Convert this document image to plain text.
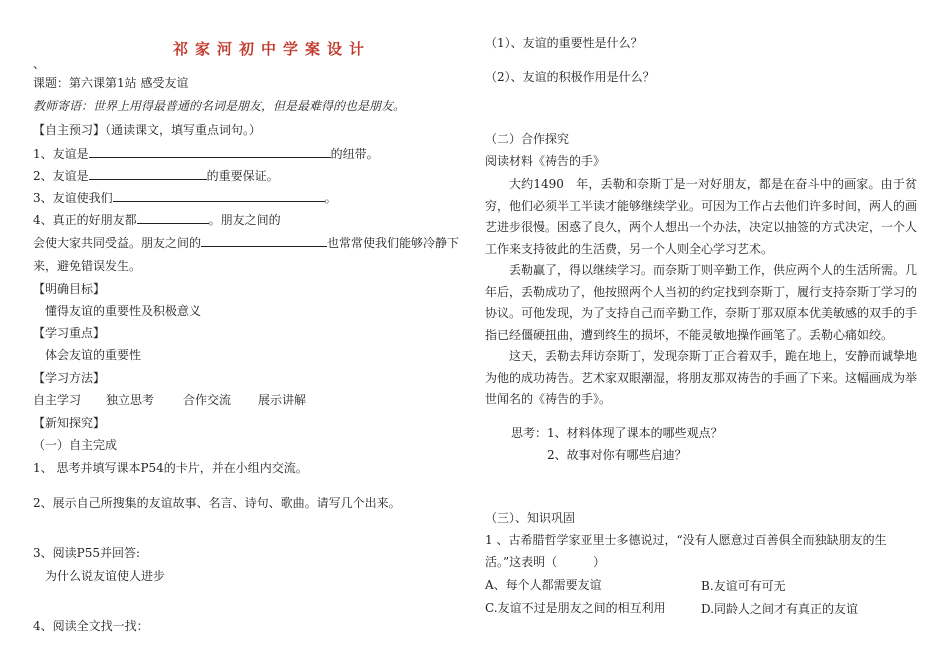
祁家河初中学案设计
、
课题：第六课第1站 感受友谊
教师寄语：世界上用得最普通的名词是朋友，但是最难得的也是朋友。
【自主预习】（通读课文，填写重点词句。）
1、友谊是	的纽带。
2、友谊是	的重要保证。
3、友谊使我们	。
4、真正的好朋友都	。朋友之间的
会使大家共同受益。朋友之间的	也常常使我们能够冷静下
来，避免错误发生。
【明确目标】
懂得友谊的重要性及积极意义
【学习重点】
体会友谊的重要性
【学习方法】
自主学习 独立思考 合作交流 展示讲解
【新知探究】
（一）自主完成
1、 思考并填写课本P54的卡片，并在小组内交流。
2、展示自己所搜集的友谊故事、名言、诗句、歌曲。请写几个出来。
3、阅读P55并回答:
为什么说友谊使人进步
4、阅读全文找一找：
（1）、友谊的重要性是什么？
（2）、友谊的积极作用是什么？
（二）合作探究
阅读材料《祷告的手》

大约1490　年，丢勒和奈斯丁是一对好朋友，都是在奋斗中的画家。由于贫穷，他们必须半工半读才能够继续学业。可因为工作占去他们许多时间，两人的画艺进步很慢。困惑了良久，两个人想出一个办法，决定以抽签的方式决定，一个人工作来支持彼此的生活费，另一个人则全心学习艺术。

丢勒赢了，得以继续学习。而奈斯丁则辛勤工作，供应两个人的生活所需。几年后，丢勒成功了，他按照两个人当初的约定找到奈斯丁，履行支持奈斯丁学习的协议。可他发现，为了支持自己而辛勤工作，奈斯丁那双原本优美敏感的双手的手指已经僵硬扭曲，遭到终生的损坏，不能灵敏地操作画笔了。丢勒心痛如绞。

这天，丢勒去拜访奈斯丁，发现奈斯丁正合着双手，跪在地上，安静而诚挚地为他的成功祷告。艺术家双眼潮湿，将朋友那双祷告的手画了下来。这幅画成为举世闻名的《祷告的手》。

思考：1、材料体现了课本的哪些观点？
2、故事对你有哪些启迪？
（三）、知识巩固
1 、古希腊哲学家亚里士多德说过，“没有人愿意过百善俱全而独缺朋友的生
活。”这表明（　　　）
A、每个人都需要友谊	B.友谊可有可无
C.友谊不过是朋友之间的相互利用	D.同龄人之间才有真正的友谊
